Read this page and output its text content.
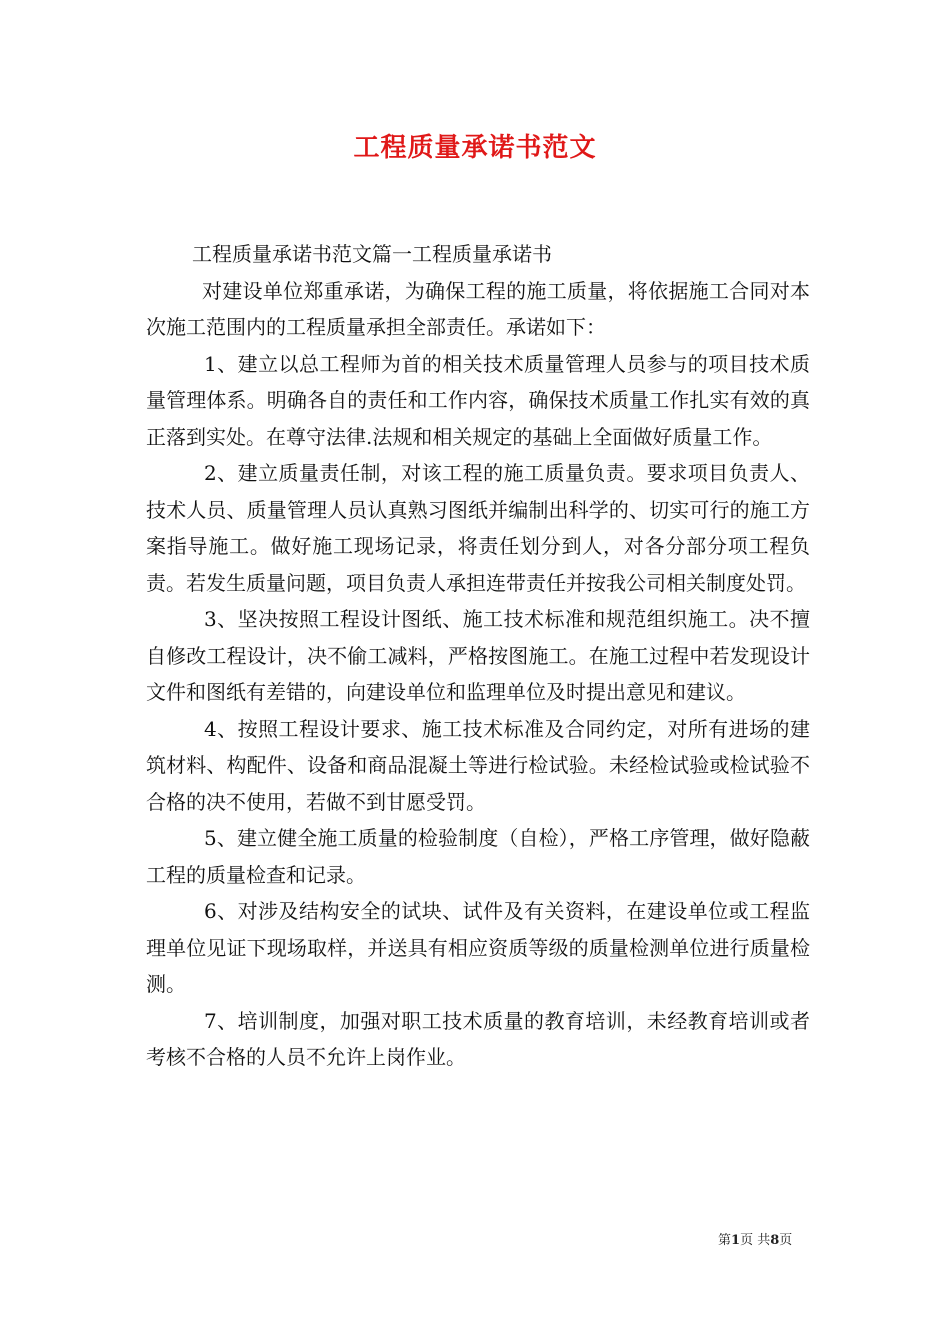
工程质量承诺书范文

工程质量承诺书范文篇一工程质量承诺书

对建设单位郑重承诺，为确保工程的施工质量，将依据施工合同对本次施工范围内的工程质量承担全部责任。承诺如下：

1、建立以总工程师为首的相关技术质量管理人员参与的项目技术质量管理体系。明确各自的责任和工作内容，确保技术质量工作扎实有效的真正落到实处。在尊守法律.法规和相关规定的基础上全面做好质量工作。

2、建立质量责任制，对该工程的施工质量负责。要求项目负责人、技术人员、质量管理人员认真熟习图纸并编制出科学的、切实可行的施工方案指导施工。做好施工现场记录，将责任划分到人，对各分部分项工程负责。若发生质量问题，项目负责人承担连带责任并按我公司相关制度处罚。

3、坚决按照工程设计图纸、施工技术标准和规范组织施工。决不擅自修改工程设计，决不偷工减料，严格按图施工。在施工过程中若发现设计文件和图纸有差错的，向建设单位和监理单位及时提出意见和建议。

4、按照工程设计要求、施工技术标准及合同约定，对所有进场的建筑材料、构配件、设备和商品混凝土等进行检试验。未经检试验或检试验不合格的决不使用，若做不到甘愿受罚。

5、建立健全施工质量的检验制度（自检），严格工序管理，做好隐蔽工程的质量检查和记录。

6、对涉及结构安全的试块、试件及有关资料，在建设单位或工程监理单位见证下现场取样，并送具有相应资质等级的质量检测单位进行质量检测。

7、培训制度，加强对职工技术质量的教育培训，未经教育培训或者考核不合格的人员不允许上岗作业。

第1页 共8页
